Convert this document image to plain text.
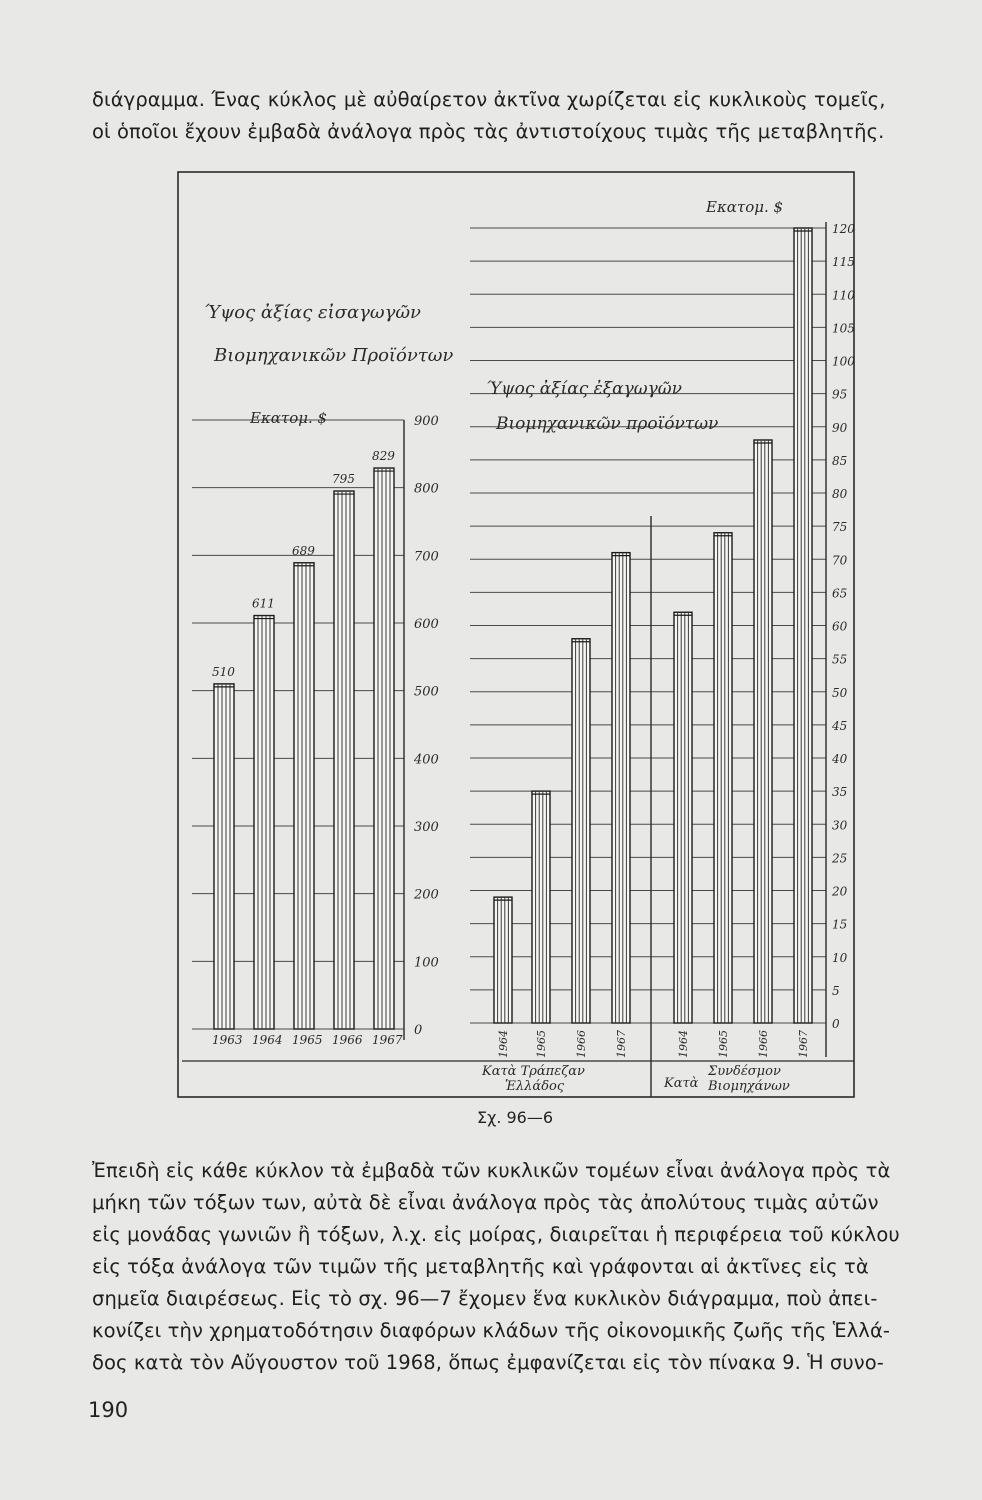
διάγραμμα. Ένας κύκλος μὲ αὐθαίρετον ἀκτῖνα χωρίζεται εἰς κυκλικοὺς τομεῖς,
οἱ ὁποῖοι ἔχουν ἐμβαδὰ ἀνάλογα πρὸς τὰς ἀντιστοίχους τιμὰς τῆς μεταβλητῆς.
0
100
200
300
400
500
600
700
800
900
510
1963
611
1964
689
1965
795
1966
829
1967
Ύψος ἀξίας εἰσαγωγῶν
Βιομηχανικῶν Προϊόντων
Εκατομ. $
0
5
10
15
20
25
30
35
40
45
50
55
60
65
70
75
80
85
90
95
100
105
110
115
120
1964 1965 1966 1967	1964 1965 1966 1967
Κατὰ Τράπεζαν
Ἑλλάδος	Κατὰ
Συνδέσμον
Βιομηχάνων
Ύψος ἀξίας ἐξαγωγῶν
Βιομηχανικῶν προϊόντων
Εκατομ. $
Σχ. 96—6
Ἐπειδὴ εἰς κάθε κύκλον τὰ ἐμβαδὰ τῶν κυκλικῶν τομέων εἶναι ἀνάλογα πρὸς τὰ
μήκη τῶν τόξων των, αὐτὰ δὲ εἶναι ἀνάλογα πρὸς τὰς ἀπολύτους τιμὰς αὐτῶν
εἰς μονάδας γωνιῶν ἢ τόξων, λ.χ. εἰς μοίρας, διαιρεῖται ἡ περιφέρεια τοῦ κύκλου
εἰς τόξα ἀνάλογα τῶν τιμῶν τῆς μεταβλητῆς καὶ γράφονται αἱ ἀκτῖνες εἰς τὰ
σημεῖα διαιρέσεως. Εἰς τὸ σχ. 96—7 ἔχομεν ἕνα κυκλικὸν διάγραμμα, ποὺ ἀπει-
κονίζει τὴν χρηματοδότησιν διαφόρων κλάδων τῆς οἰκονομικῆς ζωῆς τῆς Ἑλλά-
δος κατὰ τὸν Αὔγουστον τοῦ 1968, ὅπως ἐμφανίζεται εἰς τὸν πίνακα 9. Ἡ συνο-
190
